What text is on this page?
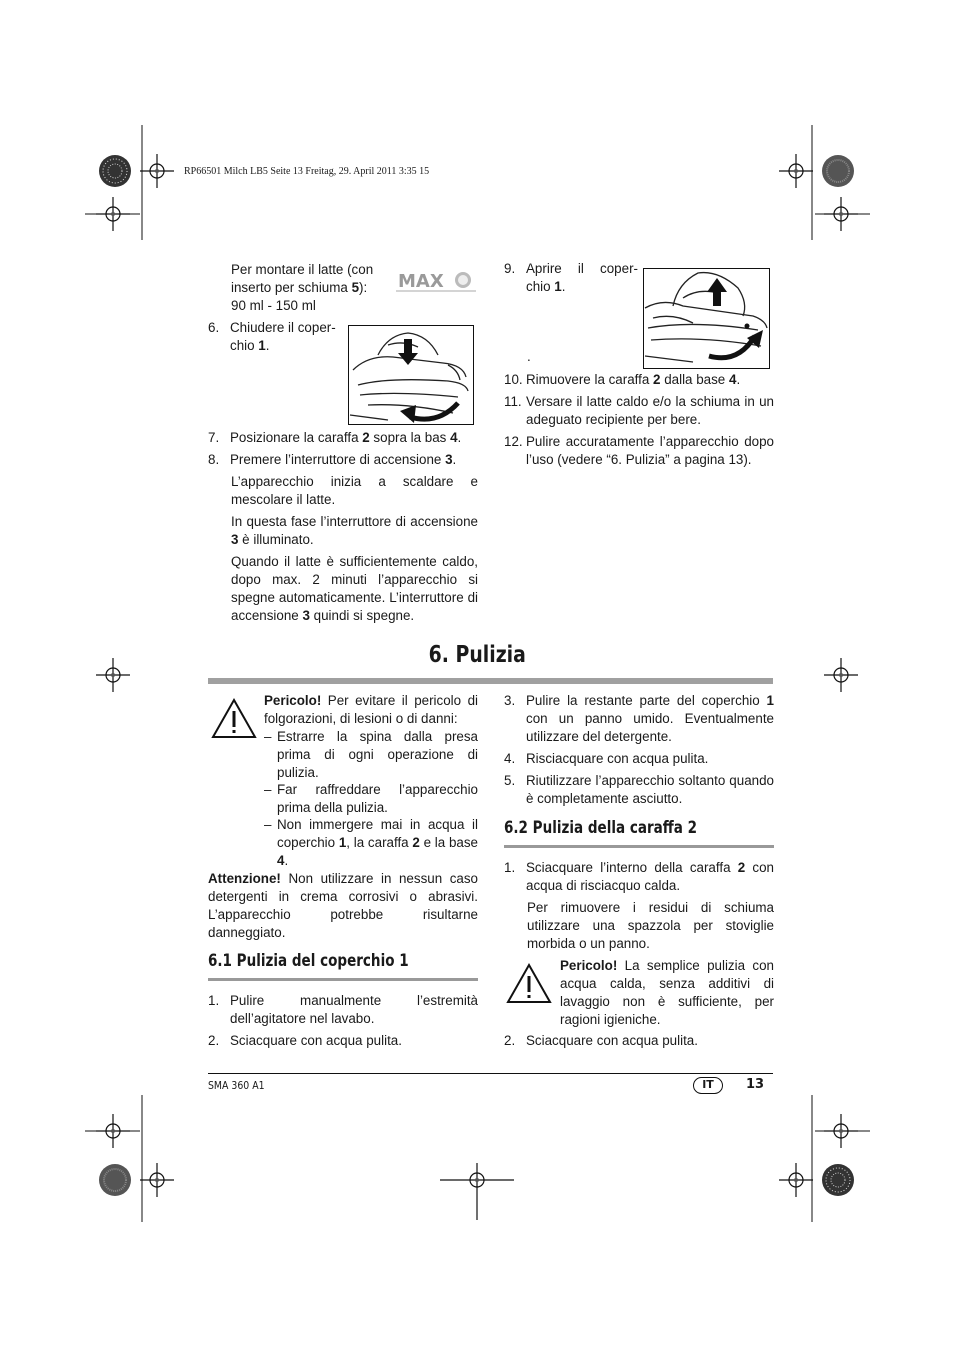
RP66501 Milch LB5 Seite 13 Freitag, 29. April 2011 3:35 15
Per montare il latte (con
inserto per schiuma 5):
90 ml - 150 ml
MAX
6. Chiudere il coper-
chio 1.
7. Posizionare la caraffa 2 sopra la bas 4.
8. Premere l’interruttore di accensione 3.
L’apparecchio inizia a scaldare e mescolare il latte.
In questa fase l’interruttore di accensione 3 è illuminato.
Quando il latte è sufficientemente caldo, dopo max. 2 minuti l’apparecchio si spegne automaticamente. L’interruttore di accensione 3 quindi si spegne.
9. Aprire il coper-
chio 1.
.
10. Rimuovere la caraffa 2 dalla base 4.
11. Versare il latte caldo e/o la schiuma in un adeguato recipiente per bere.
12. Pulire accuratamente l’apparecchio dopo l’uso (vedere “6. Pulizia” a pagina 13).
6. Pulizia
Pericolo! Per evitare il pericolo di folgorazioni, di lesioni o di danni:
– Estrarre la spina dalla presa prima di ogni operazione di pulizia.
– Far raffreddare l’apparecchio prima della pulizia.
– Non immergere mai in acqua il coperchio 1, la caraffa 2 e la base 4.
Attenzione! Non utilizzare in nessun caso detergenti in crema corrosivi o abrasivi. L’apparecchio potrebbe risultarne danneggiato.
6.1 Pulizia del coperchio 1
1. Pulire manualmente l’estremità dell’agitatore nel lavabo.
2. Sciacquare con acqua pulita.
3. Pulire la restante parte del coperchio 1 con un panno umido. Eventualmente utilizzare del detergente.
4. Risciacquare con acqua pulita.
5. Riutilizzare l’apparecchio soltanto quando è completamente asciutto.
6.2 Pulizia della caraffa 2
1. Sciacquare l’interno della caraffa 2 con acqua di risciacquo calda.
Per rimuovere i residui di schiuma utilizzare una spazzola per stoviglie morbida o un panno.
Pericolo! La semplice pulizia con acqua calda, senza additivi di lavaggio non è sufficiente, per ragioni igieniche.
2. Sciacquare con acqua pulita.
SMA 360 A1	IT	13
